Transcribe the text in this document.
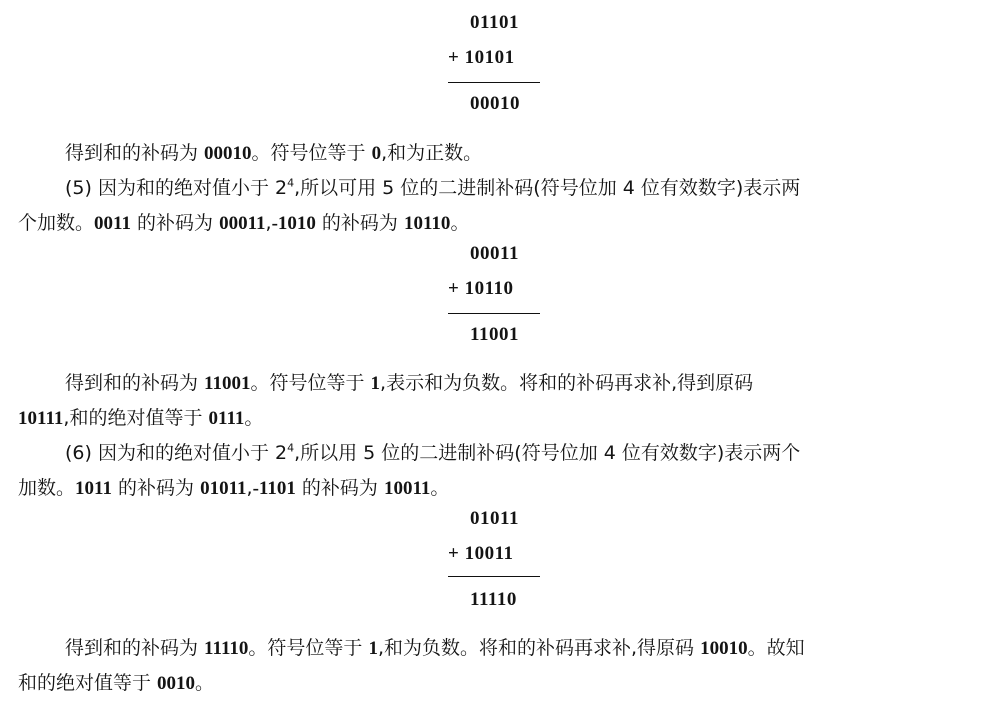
01101
+ 10101
00010
得到和的补码为 00010。符号位等于 0,和为正数。
(5) 因为和的绝对值小于 $2^4$,所以可用 5 位的二进制补码(符号位加 4 位有效数字)表示两
个加数。0011 的补码为 00011,-1010 的补码为 10110。
00011
+ 10110
11001
得到和的补码为 11001。符号位等于 1,表示和为负数。将和的补码再求补,得到原码
10111,和的绝对值等于 0111。
(6) 因为和的绝对值小于 $2^4$,所以用 5 位的二进制补码(符号位加 4 位有效数字)表示两个
加数。1011 的补码为 01011,-1101 的补码为 10011。
01011
+ 10011
11110
得到和的补码为 11110。符号位等于 1,和为负数。将和的补码再求补,得原码 10010。故知
和的绝对值等于 0010。
